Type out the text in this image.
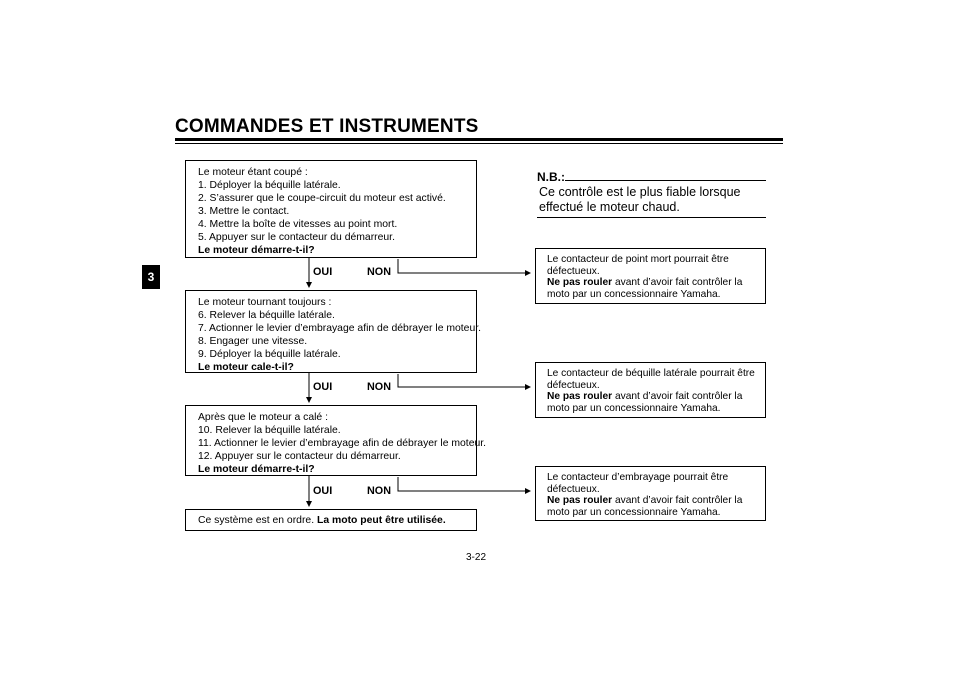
COMMANDES ET INSTRUMENTS
3
Le moteur étant coupé :
1. Déployer la béquille latérale.
2. S’assurer que le coupe-circuit du moteur est activé.
3. Mettre le contact.
4. Mettre la boîte de vitesses au point mort.
5. Appuyer sur le contacteur du démarreur.
Le moteur démarre-t-il?
OUI	NON
Le moteur tournant toujours :
6. Relever la béquille latérale.
7. Actionner le levier d’embrayage afin de débrayer le moteur.
8. Engager une vitesse.
9. Déployer la béquille latérale.
Le moteur cale-t-il?
OUI	NON
Après que le moteur a calé :
10. Relever la béquille latérale.
11. Actionner le levier d’embrayage afin de débrayer le moteur.
12. Appuyer sur le contacteur du démarreur.
Le moteur démarre-t-il?
OUI	NON
Ce système est en ordre. La moto peut être utilisée.
N.B.:
Ce contrôle est le plus fiable lorsque effectué le moteur chaud.
Le contacteur de point mort pourrait être
défectueux.
Ne pas rouler avant d’avoir fait contrôler la
moto par un concessionnaire Yamaha.
Le contacteur de béquille latérale pourrait être
défectueux.
Ne pas rouler avant d’avoir fait contrôler la
moto par un concessionnaire Yamaha.
Le contacteur d’embrayage pourrait être
défectueux.
Ne pas rouler avant d’avoir fait contrôler la
moto par un concessionnaire Yamaha.
3-22
